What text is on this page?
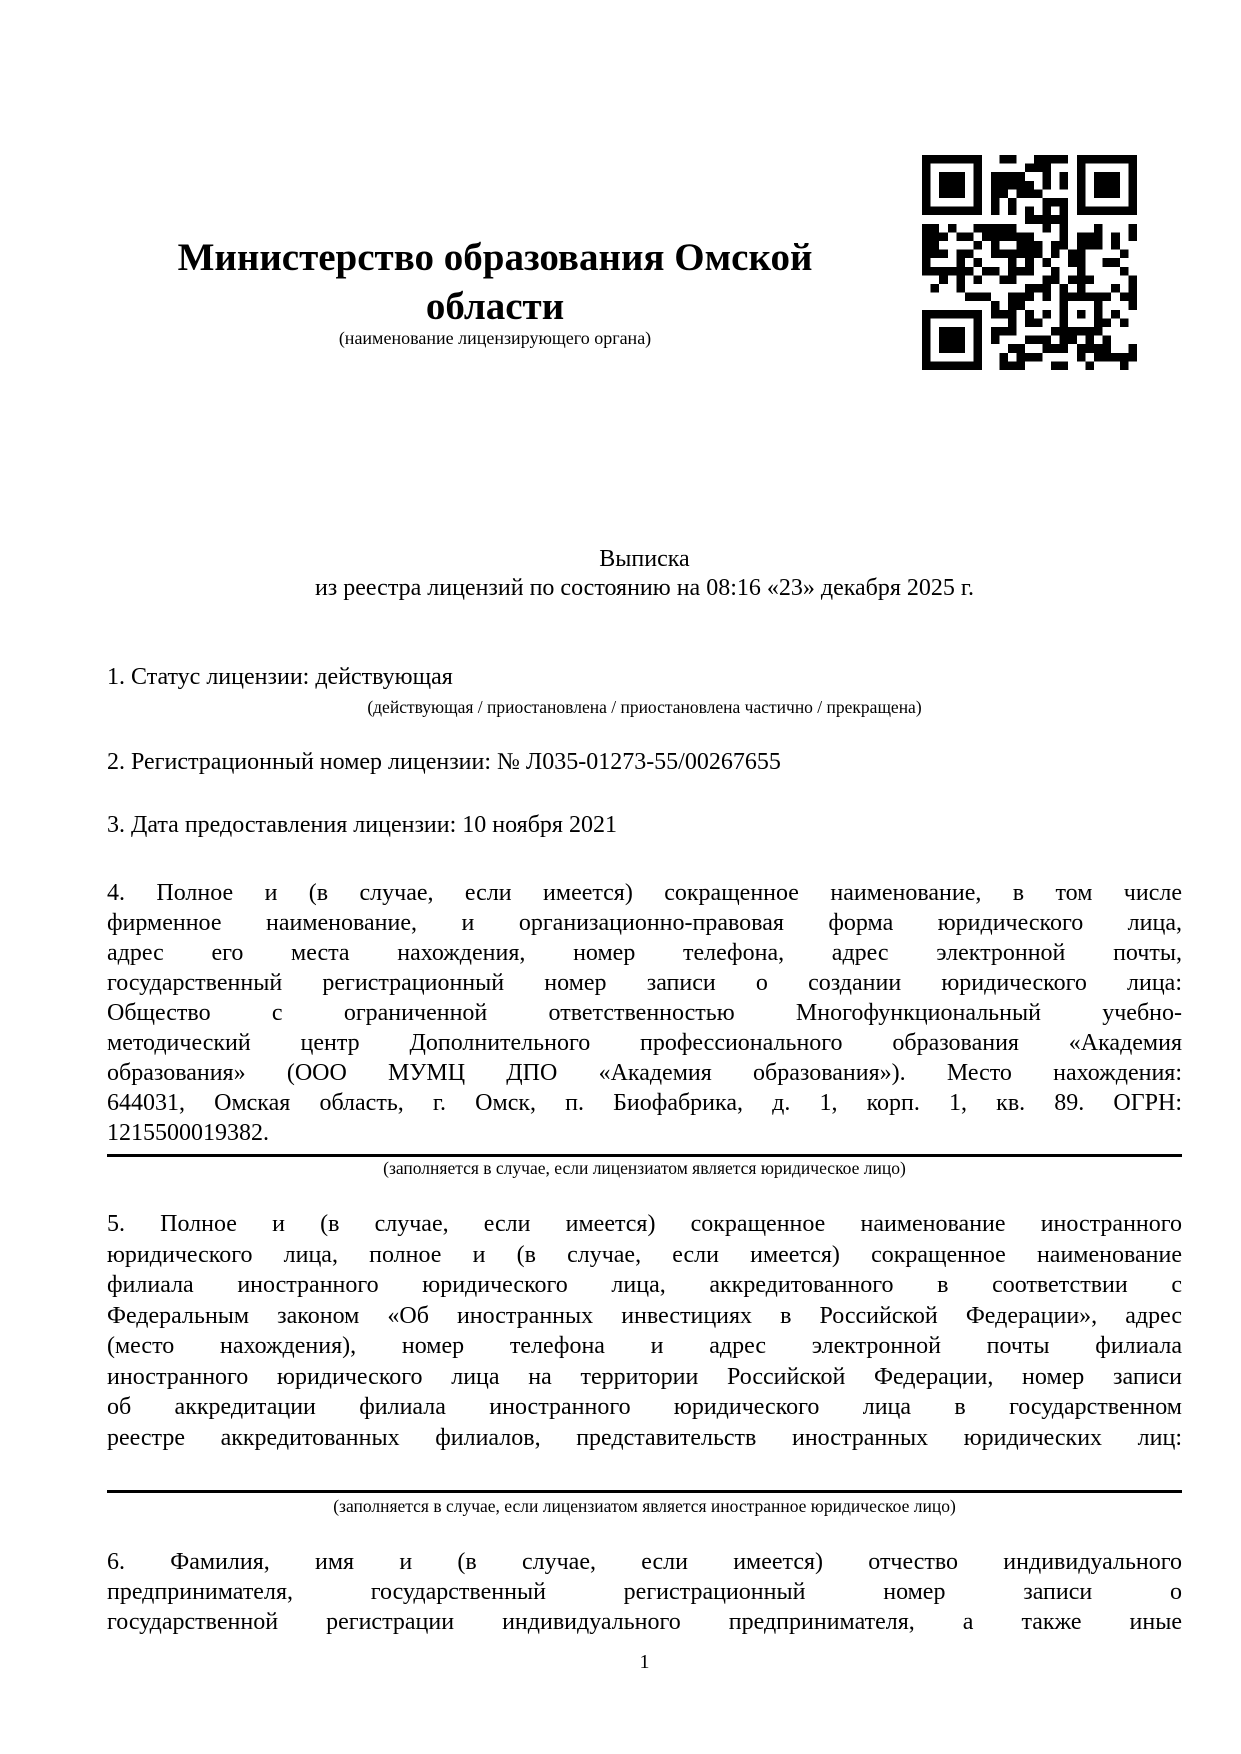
Министерство образования Омской
области
(наименование лицензирующего органа)
Выписка
из реестра лицензий по состоянию на 08:16 «23» декабря 2025 г.

1. Статус лицензии: действующая

(действующая / приостановлена / приостановлена частично / прекращена)

2. Регистрационный номер лицензии: № Л035-01273-55/00267655

3. Дата предоставления лицензии: 10 ноября 2021

4. Полное и (в случае, если имеется) сокращенное наименование, в том числе
фирменное наименование, и организационно-правовая форма юридического лица,
адрес его места нахождения, номер телефона, адрес электронной почты,
государственный регистрационный номер записи о создании юридического лица:
Общество с ограниченной ответственностью Многофункциональный учебно-
методический центр Дополнительного профессионального образования «Академия
образования» (ООО МУМЦ ДПО «Академия образования»). Место нахождения:
644031, Омская область, г. Омск, п. Биофабрика, д. 1, корп. 1, кв. 89. ОГРН:
1215500019382.
(заполняется в случае, если лицензиатом является юридическое лицо)
5. Полное и (в случае, если имеется) сокращенное наименование иностранного
юридического лица, полное и (в случае, если имеется) сокращенное наименование
филиала иностранного юридического лица, аккредитованного в соответствии с
Федеральным законом «Об иностранных инвестициях в Российской Федерации», адрес
(место нахождения), номер телефона и адрес электронной почты филиала
иностранного юридического лица на территории Российской Федерации, номер записи
об аккредитации филиала иностранного юридического лица в государственном
реестре аккредитованных филиалов, представительств иностранных юридических лиц:
(заполняется в случае, если лицензиатом является иностранное юридическое лицо)
6. Фамилия, имя и (в случае, если имеется) отчество индивидуального
предпринимателя, государственный регистрационный номер записи о
государственной регистрации индивидуального предпринимателя, а также иные
1
